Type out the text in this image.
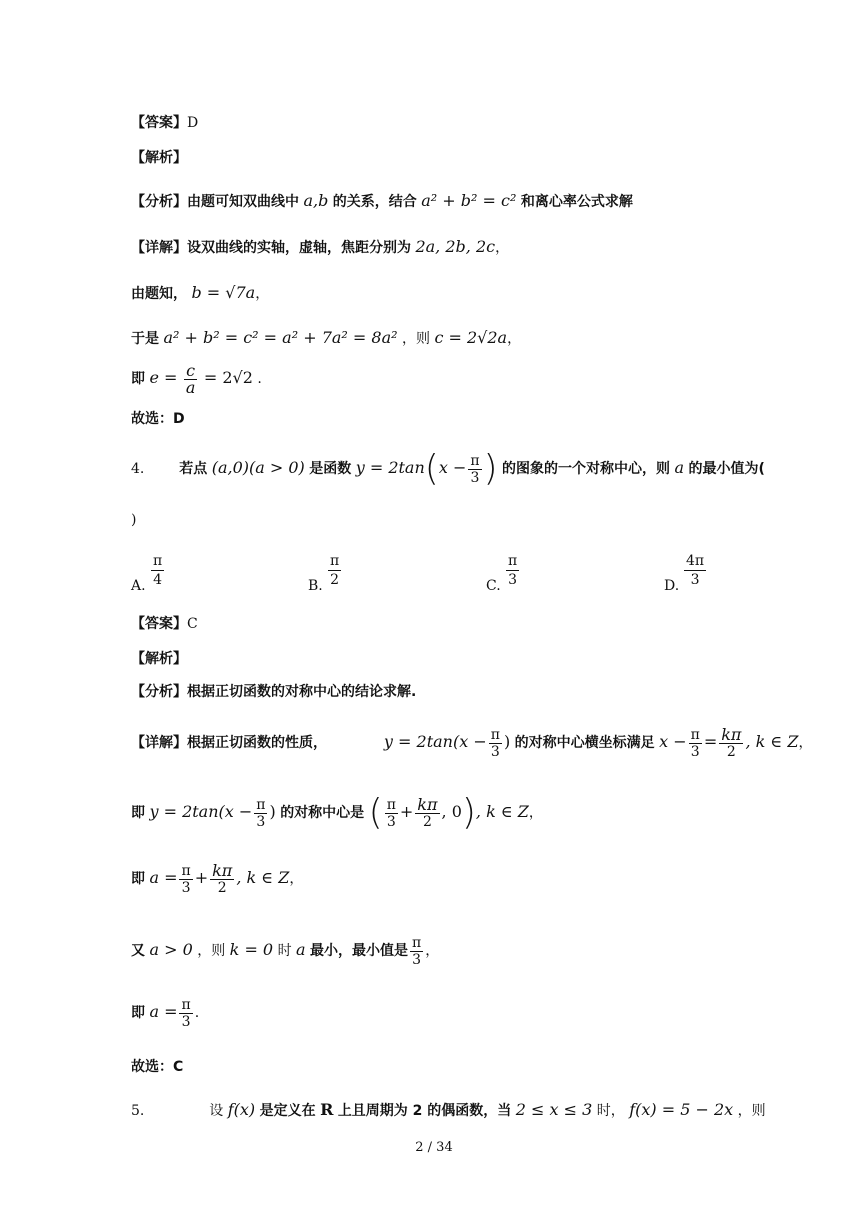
【答案】D
【解析】
【分析】由题可知双曲线中 a,b 的关系，结合 a² + b² = c² 和离心率公式求解
【详解】设双曲线的实轴，虚轴，焦距分别为 2a, 2b, 2c，
由题知， b = √7a，
于是 a² + b² = c² = a² + 7a² = 8a² ，则 c = 2√2a，
即 $e = \frac{c}{a} = 2√2$ .
故选：D
4. 若点 (a,0)(a > 0) 是函数 $y = 2\tan(x - \frac{\pi}{3}$ ) 的图象的一个对称中心，则 a 的最小值为(
)
A. $\frac{\pi}{4}$	B. $\frac{\pi}{2}$	C. $\frac{\pi}{3}$	D. $\frac{4\pi}{3}$
【答案】C
【解析】
【分析】根据正切函数的对称中心的结论求解.
【详解】根据正切函数的性质，	$y = 2\tan(x - \frac{\pi}{3}$ ) 的对称中心横坐标满足 $x - \frac{\pi}{3} = \frac{k\pi}{2}$ , k ∈ Z，
即 $y = 2\tan(x - \frac{\pi}{3}$ ) 的对称中心是 ( $\frac{\pi}{3} + \frac{k\pi}{2}$ , 0), k ∈ Z，
即 $a = \frac{\pi}{3} + \frac{k\pi}{2}$ , k ∈ Z，
又 a > 0 ，则 k = 0 时 a 最小，最小值是 $\frac{\pi}{3}$ ，
即 $a = \frac{\pi}{3}$ .
故选：C
5.	设 f(x) 是定义在 R 上且周期为 2 的偶函数，当 2 ≤ x ≤ 3 时， f(x) = 5 − 2x ，则
2 / 34
